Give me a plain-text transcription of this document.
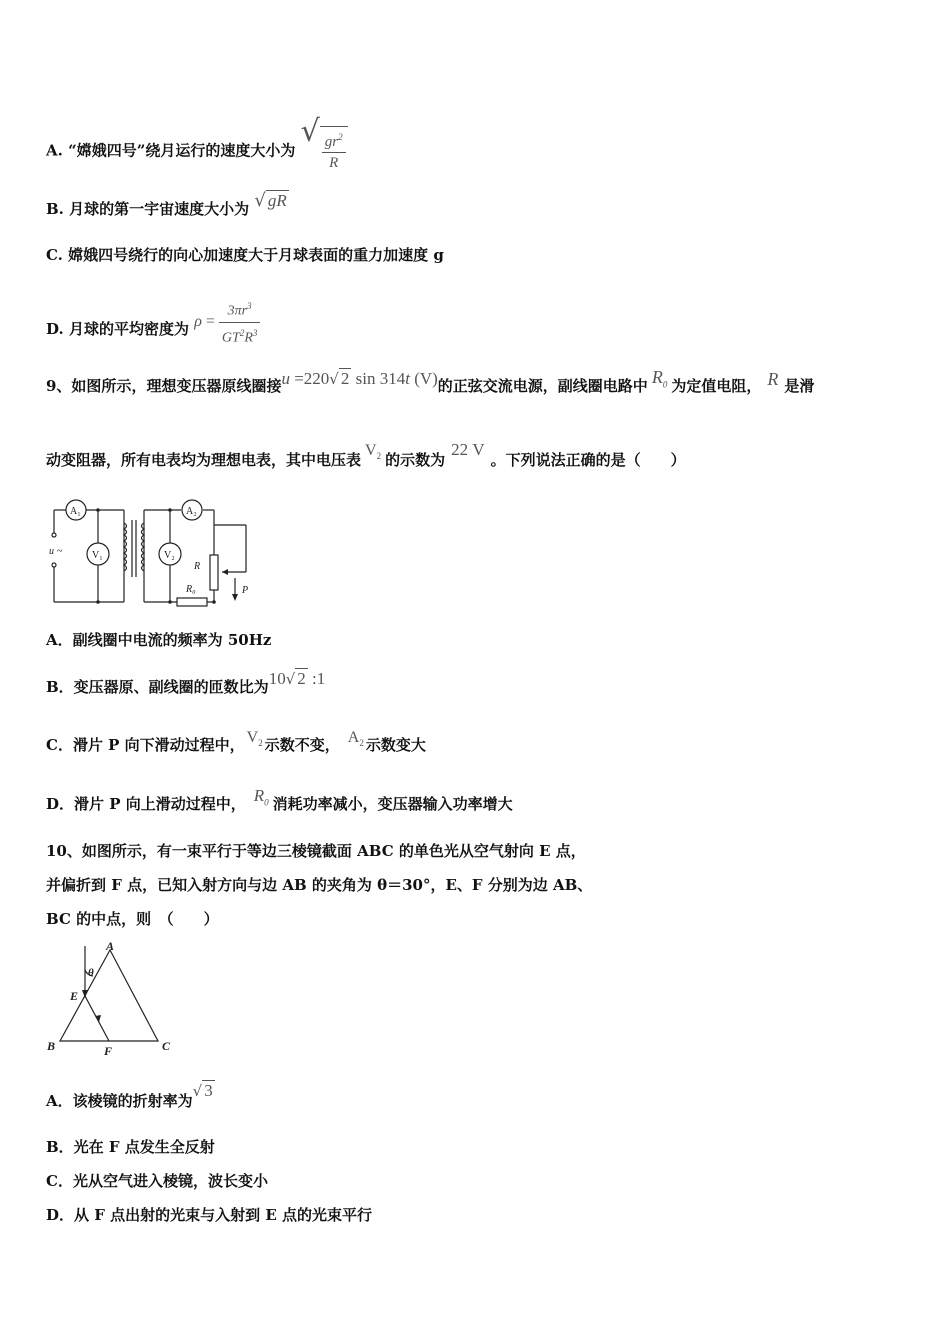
A. “嫦娥四号”绕月运行的速度大小为 √ $\frac{gr^2}{R}$
B. 月球的第一宇宙速度大小为 √ gR
C. 嫦娥四号绕行的向心加速度大于月球表面的重力加速度 g
D. 月球的平均密度为 $\rho = \frac{3\pi r^3}{GT^2R^3}$
9、如图所示，理想变压器原线圈接u =220√ 2 sin 314t (V)的正弦交流电源，副线圈电路中 $R_0$ 为定值电阻， R 是滑
动变阻器，所有电表均为理想电表，其中电压表$V_2$ 的示数为22 V。下列说法正确的是（　　）
A₁	A₂
V₁	V₂
u ~
R
R₀	P
A．副线圈中电流的频率为 50Hz
B．变压器原、副线圈的匝数比为10√ 2 :1
C．滑片 P 向下滑动过程中， $V_2$ 示数不变， $A_2$ 示数变大
D．滑片 P 向上滑动过程中， $R_0$ 消耗功率减小，变压器输入功率增大
10、如图所示，有一束平行于等边三棱镜截面 ABC 的单色光从空气射向 E 点，
并偏折到 F 点，已知入射方向与边 AB 的夹角为 θ＝30°，E、F 分别为边 AB、
BC 的中点，则　（　　）
A
B	C
E
F
θ
A．该棱镜的折射率为√ 3
B．光在 F 点发生全反射
C．光从空气进入棱镜，波长变小
D．从 F 点出射的光束与入射到 E 点的光束平行
